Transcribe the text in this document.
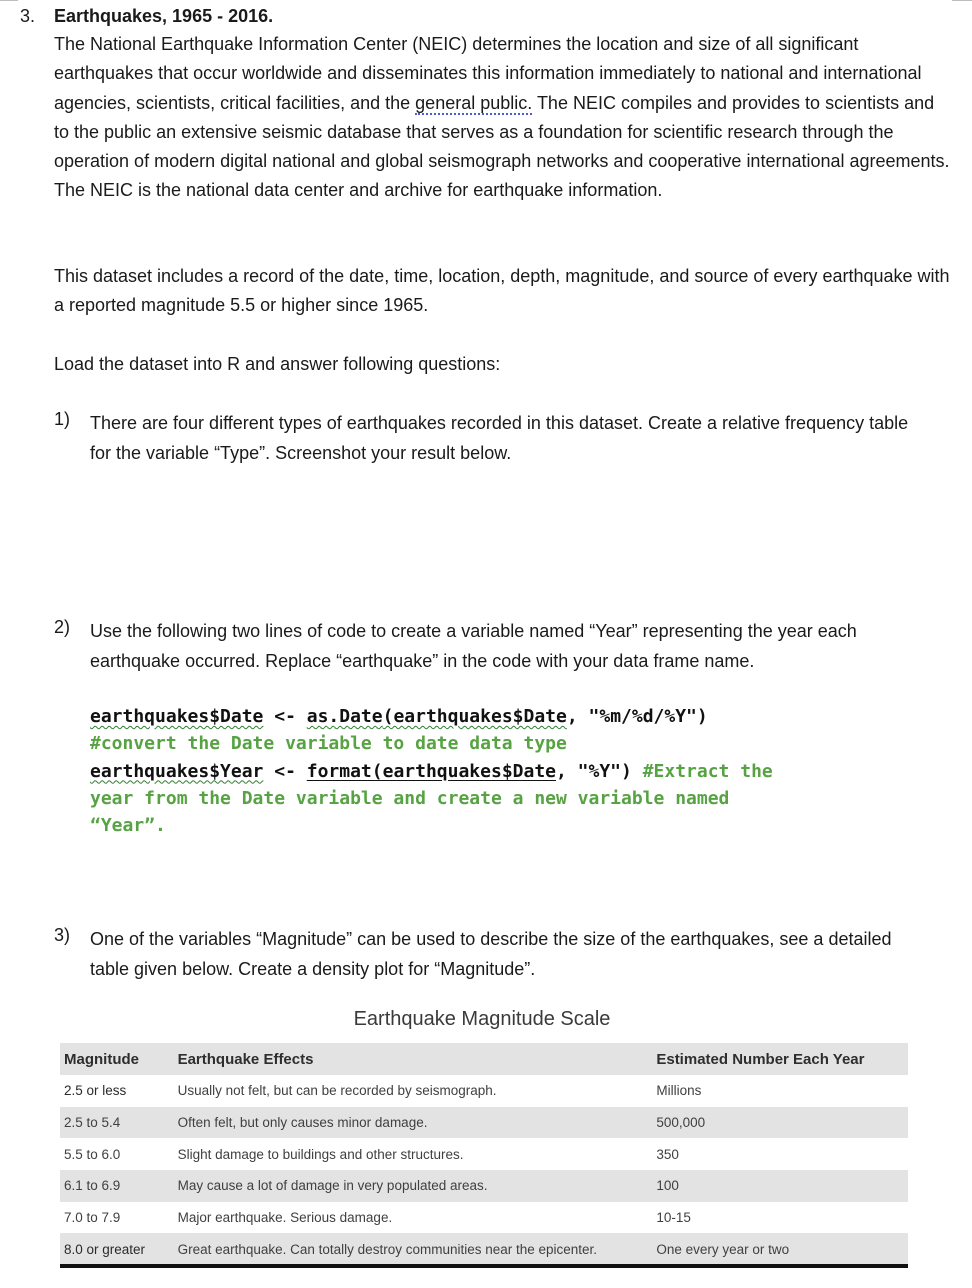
3. Earthquakes, 1965 - 2016.

The National Earthquake Information Center (NEIC) determines the location and size of all significant earthquakes that occur worldwide and disseminates this information immediately to national and international agencies, scientists, critical facilities, and the general public. The NEIC compiles and provides to scientists and to the public an extensive seismic database that serves as a foundation for scientific research through the operation of modern digital national and global seismograph networks and cooperative international agreements. The NEIC is the national data center and archive for earthquake information.

This dataset includes a record of the date, time, location, depth, magnitude, and source of every earthquake with a reported magnitude 5.5 or higher since 1965.

Load the dataset into R and answer following questions:

1) There are four different types of earthquakes recorded in this dataset. Create a relative frequency table for the variable “Type”. Screenshot your result below.

2) Use the following two lines of code to create a variable named “Year” representing the year each earthquake occurred. Replace “earthquake” in the code with your data frame name.

earthquakes$Date <- as.Date(earthquakes$Date, "%m/%d/%Y")
#convert the Date variable to date data type
earthquakes$Year <- format(earthquakes$Date, "%Y") #Extract the
year from the Date variable and create a new variable named
“Year”.
3) One of the variables “Magnitude” can be used to describe the size of the earthquakes, see a detailed table given below. Create a density plot for “Magnitude”.

Earthquake Magnitude Scale
Magnitude	Earthquake Effects	Estimated Number Each Year
2.5 or less	Usually not felt, but can be recorded by seismograph.	Millions
2.5 to 5.4	Often felt, but only causes minor damage.	500,000
5.5 to 6.0	Slight damage to buildings and other structures.	350
6.1 to 6.9	May cause a lot of damage in very populated areas.	100
7.0 to 7.9	Major earthquake. Serious damage.	10-15
8.0 or greater	Great earthquake. Can totally destroy communities near the epicenter.	One every year or two
